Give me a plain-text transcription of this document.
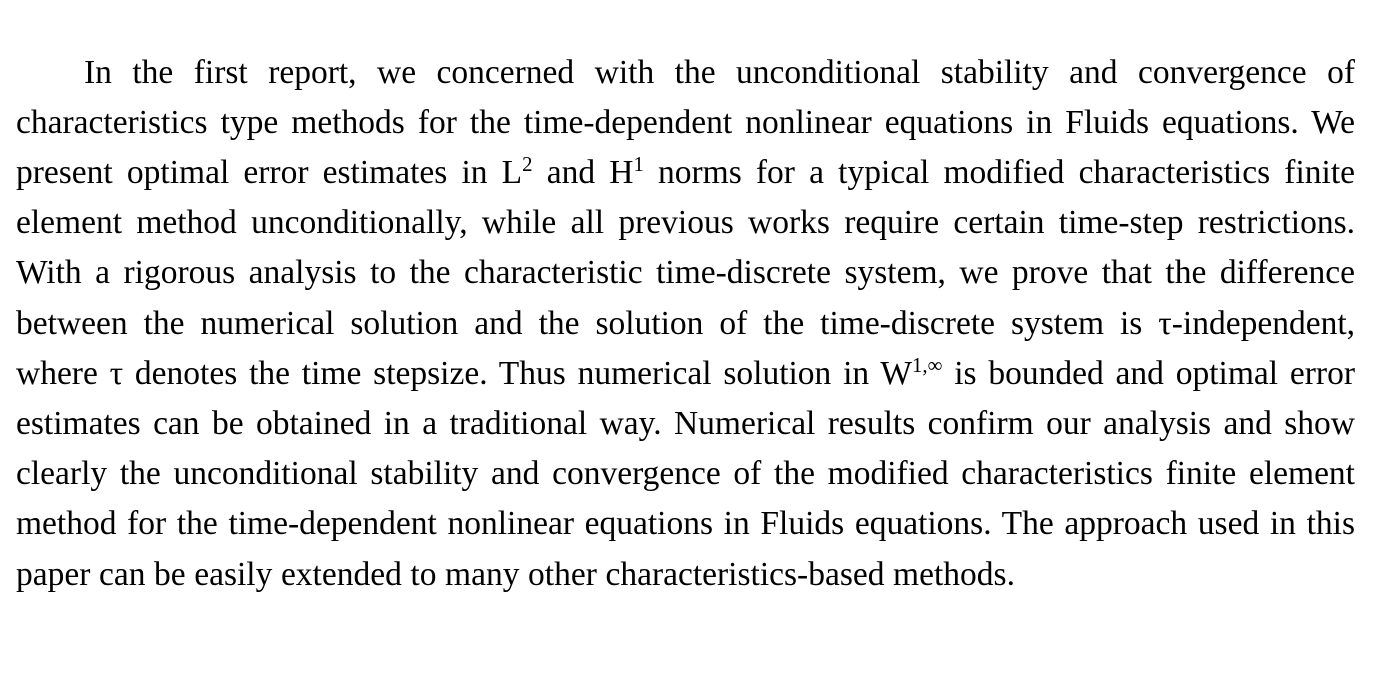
In the first report, we concerned with the unconditional stability and convergence of characteristics type methods for the time-dependent nonlinear equations in Fluids equations. We present optimal error estimates in $L^2$ and $H^1$ norms for a typical modified characteristics finite element method unconditionally, while all previous works require certain time-step restrictions. With a rigorous analysis to the characteristic time-discrete system, we prove that the difference between the numerical solution and the solution of the time-discrete system is τ-independent, where τ denotes the time stepsize. Thus numerical solution in $W^{1,\infty}$ is bounded and optimal error estimates can be obtained in a traditional way. Numerical results confirm our analysis and show clearly the unconditional stability and convergence of the modified characteristics finite element method for the time-dependent nonlinear equations in Fluids equations. The approach used in this paper can be easily extended to many other characteristics-based methods.
